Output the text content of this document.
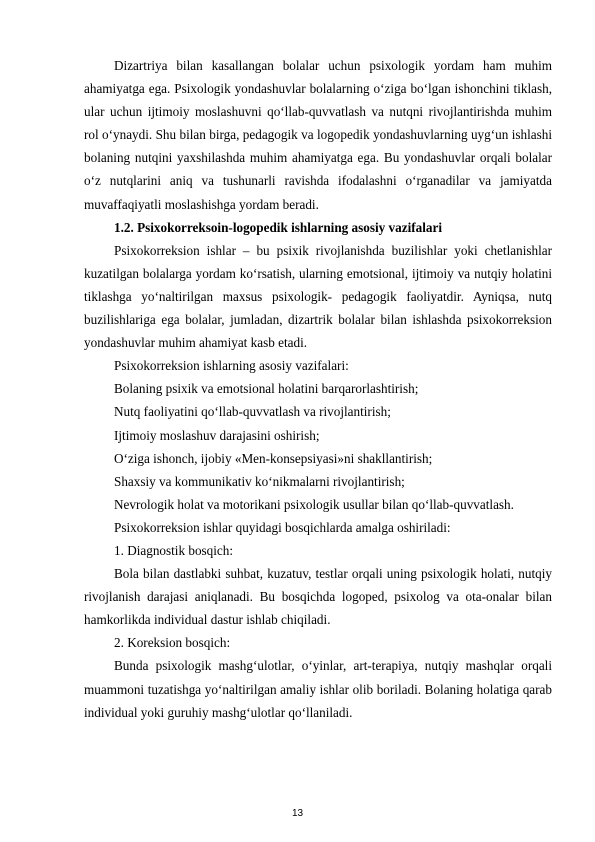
Dizartriya bilan kasallangan bolalar uchun psixologik yordam ham muhim ahamiyatga ega. Psixologik yondashuvlar bolalarning o‘ziga bo‘lgan ishonchini tiklash, ular uchun ijtimoiy moslashuvni qo‘llab-quvvatlash va nutqni rivojlantirishda muhim rol o‘ynaydi. Shu bilan birga, pedagogik va logopedik yondashuvlarning uyg‘un ishlashi bolaning nutqini yaxshilashda muhim ahamiyatga ega. Bu yondashuvlar orqali bolalar o‘z nutqlarini aniq va tushunarli ravishda ifodalashni o‘rganadilar va jamiyatda muvaffaqiyatli moslashishga yordam beradi.

1.2. Psixokorreksoin-logopedik ishlarning asosiy vazifalari

Psixokorreksion ishlar – bu psixik rivojlanishda buzilishlar yoki chetlanishlar kuzatilgan bolalarga yordam ko‘rsatish, ularning emotsional, ijtimoiy va nutqiy holatini tiklashga yo‘naltirilgan maxsus psixologik- pedagogik faoliyatdir. Ayniqsa, nutq buzilishlariga ega bolalar, jumladan, dizartrik bolalar bilan ishlashda psixokorreksion yondashuvlar muhim ahamiyat kasb etadi.

Psixokorreksion ishlarning asosiy vazifalari:

Bolaning psixik va emotsional holatini barqarorlashtirish;

Nutq faoliyatini qo‘llab-quvvatlash va rivojlantirish;

Ijtimoiy moslashuv darajasini oshirish;

O‘ziga ishonch, ijobiy «Men-konsepsiyasi»ni shakllantirish;

Shaxsiy va kommunikativ ko‘nikmalarni rivojlantirish;

Nevrologik holat va motorikani psixologik usullar bilan qo‘llab-quvvatlash.

Psixokorreksion ishlar quyidagi bosqichlarda amalga oshiriladi:

1. Diagnostik bosqich:

Bola bilan dastlabki suhbat, kuzatuv, testlar orqali uning psixologik holati, nutqiy rivojlanish darajasi aniqlanadi. Bu bosqichda logoped, psixolog va ota-onalar bilan hamkorlikda individual dastur ishlab chiqiladi.

2. Koreksion bosqich:

Bunda psixologik mashg‘ulotlar, o‘yinlar, art-terapiya, nutqiy mashqlar orqali muammoni tuzatishga yo‘naltirilgan amaliy ishlar olib boriladi. Bolaning holatiga qarab individual yoki guruhiy mashg‘ulotlar qo‘llaniladi.

13
